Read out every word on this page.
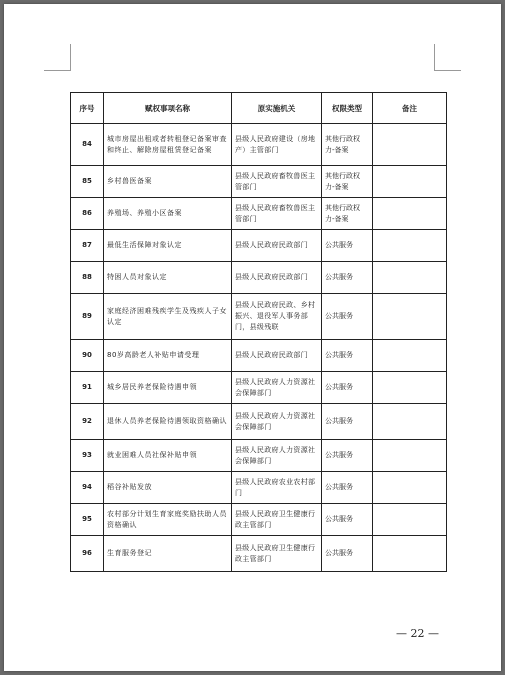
序号	赋权事项名称	原实施机关	权限类型	备注
84	城市房屋出租或者转租登记备案审查和终止、解除房屋租赁登记备案	县级人民政府建设（房地产）主管部门	其他行政权力-备案	
85	乡村兽医备案	县级人民政府畜牧兽医主管部门	其他行政权力-备案	
86	养殖场、养殖小区备案	县级人民政府畜牧兽医主管部门	其他行政权力-备案	
87	最低生活保障对象认定	县级人民政府民政部门	公共服务	
88	特困人员对象认定	县级人民政府民政部门	公共服务	
89	家庭经济困难残疾学生及残疾人子女认定	县级人民政府民政、乡村振兴、退役军人事务部门，县级残联	公共服务	
90	80岁高龄老人补贴申请受理	县级人民政府民政部门	公共服务	
91	城乡居民养老保险待遇申领	县级人民政府人力资源社会保障部门	公共服务	
92	退休人员养老保险待遇领取资格确认	县级人民政府人力资源社会保障部门	公共服务	
93	就业困难人员社保补贴申领	县级人民政府人力资源社会保障部门	公共服务	
94	稻谷补贴发放	县级人民政府农业农村部门	公共服务	
95	农村部分计划生育家庭奖励扶助人员资格确认	县级人民政府卫生健康行政主管部门	公共服务	
96	生育服务登记	县级人民政府卫生健康行政主管部门	公共服务	
— 22 —
